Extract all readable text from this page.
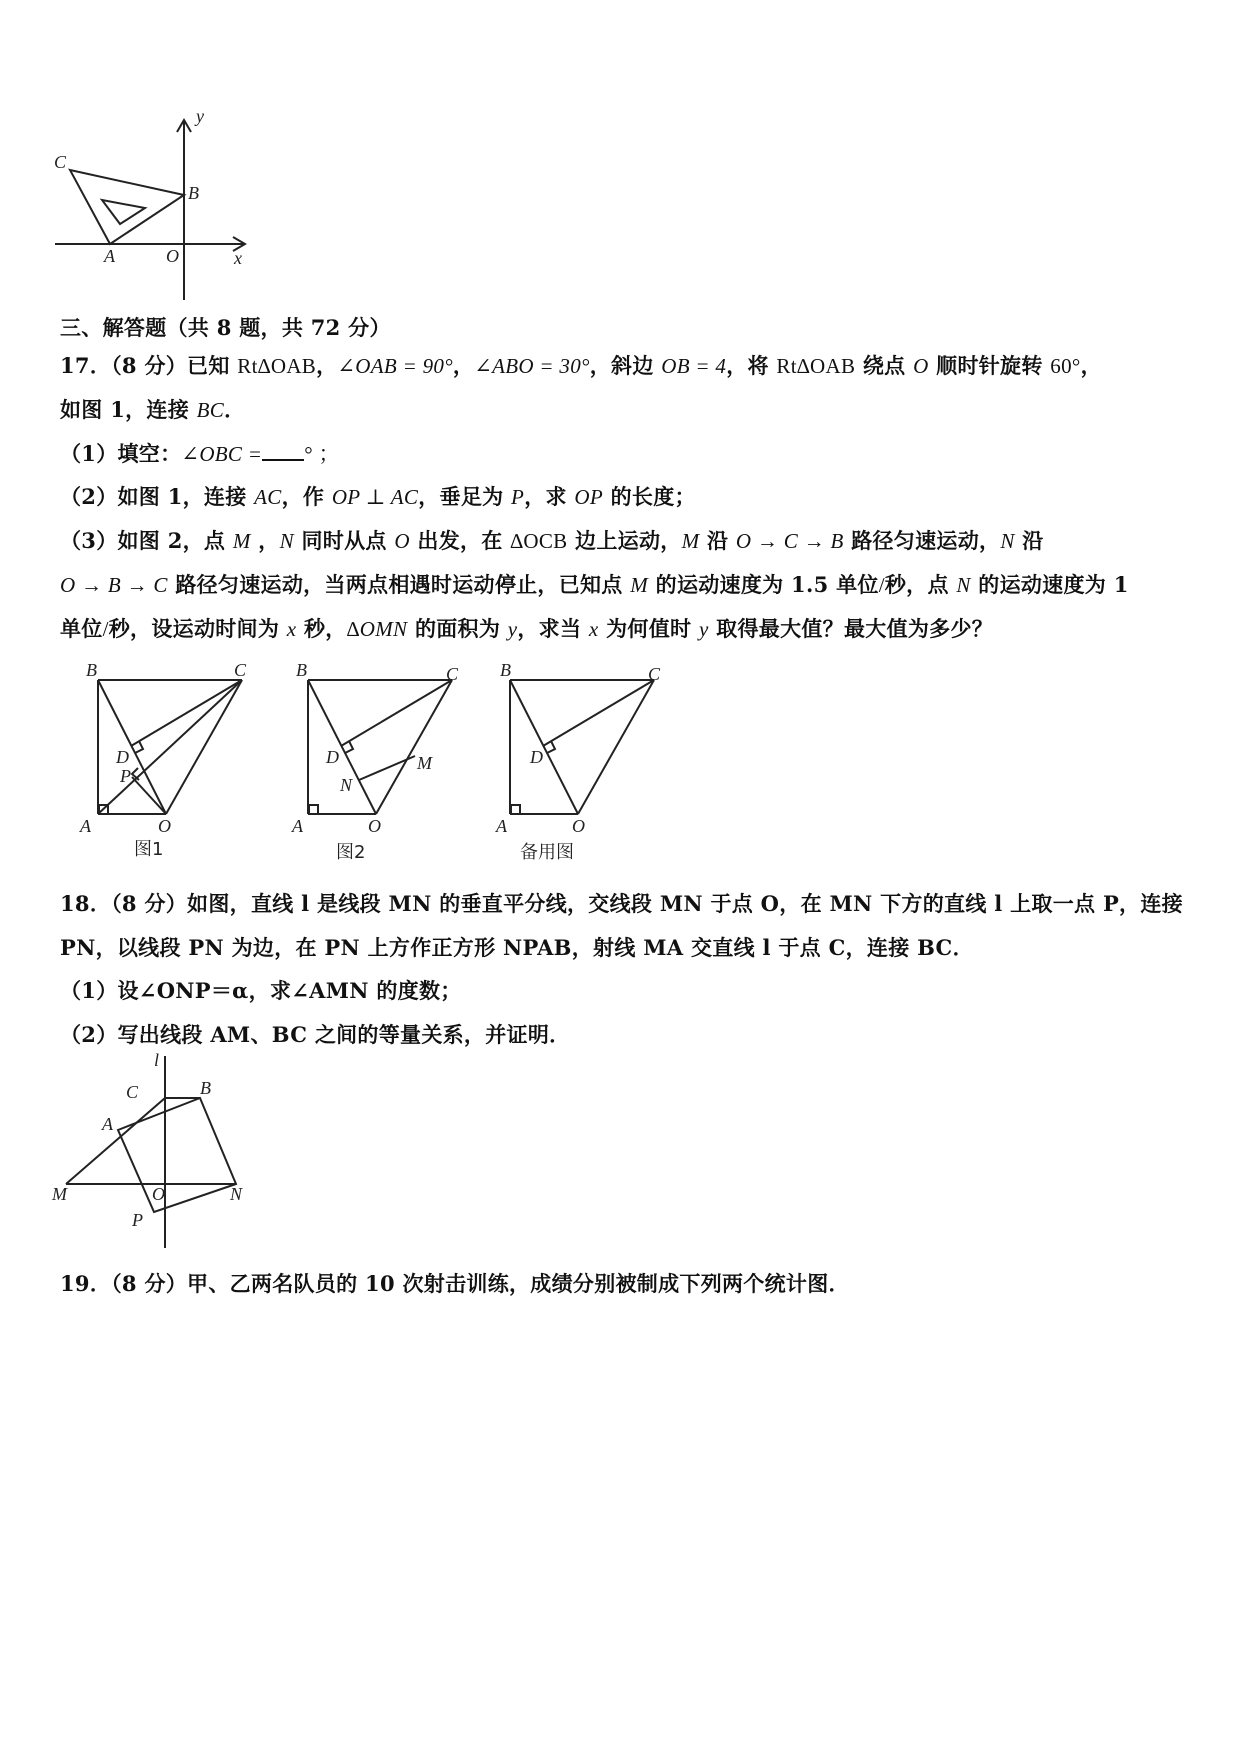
y
x
C
B
A	O
三、解答题（共 8 题，共 72 分）
17．（8 分）已知 Rt∆OAB，∠OAB = 90°，∠ABO = 30°，斜边 OB = 4，将 Rt∆OAB 绕点 O 顺时针旋转 60°，
如图 1，连接 BC．
（1）填空：∠OBC = ° ；
（2）如图 1，连接 AC，作 OP ⊥ AC，垂足为 P，求 OP 的长度；
（3）如图 2，点 M ，N 同时从点 O 出发，在 ∆OCB 边上运动，M 沿 O → C → B 路径匀速运动，N 沿
O → B → C 路径匀速运动，当两点相遇时运动停止，已知点 M 的运动速度为 1.5 单位/秒，点 N 的运动速度为 1
单位/秒，设运动时间为 x 秒，∆OMN 的面积为 y，求当 x 为何值时 y 取得最大值？最大值为多少？
B	C
D
P
A	O
图1
B	C
D
N
M
A	O
图2
B	C
D
A	O
备用图
18．（8 分）如图，直线 l 是线段 MN 的垂直平分线，交线段 MN 于点 O，在 MN 下方的直线 l 上取一点 P，连接
PN，以线段 PN 为边，在 PN 上方作正方形 NPAB，射线 MA 交直线 l 于点 C，连接 BC．
（1）设∠ONP＝α，求∠AMN 的度数；
（2）写出线段 AM、BC 之间的等量关系，并证明．
l
C	B
A
M	O	N
P
19．（8 分）甲、乙两名队员的 10 次射击训练，成绩分别被制成下列两个统计图．
